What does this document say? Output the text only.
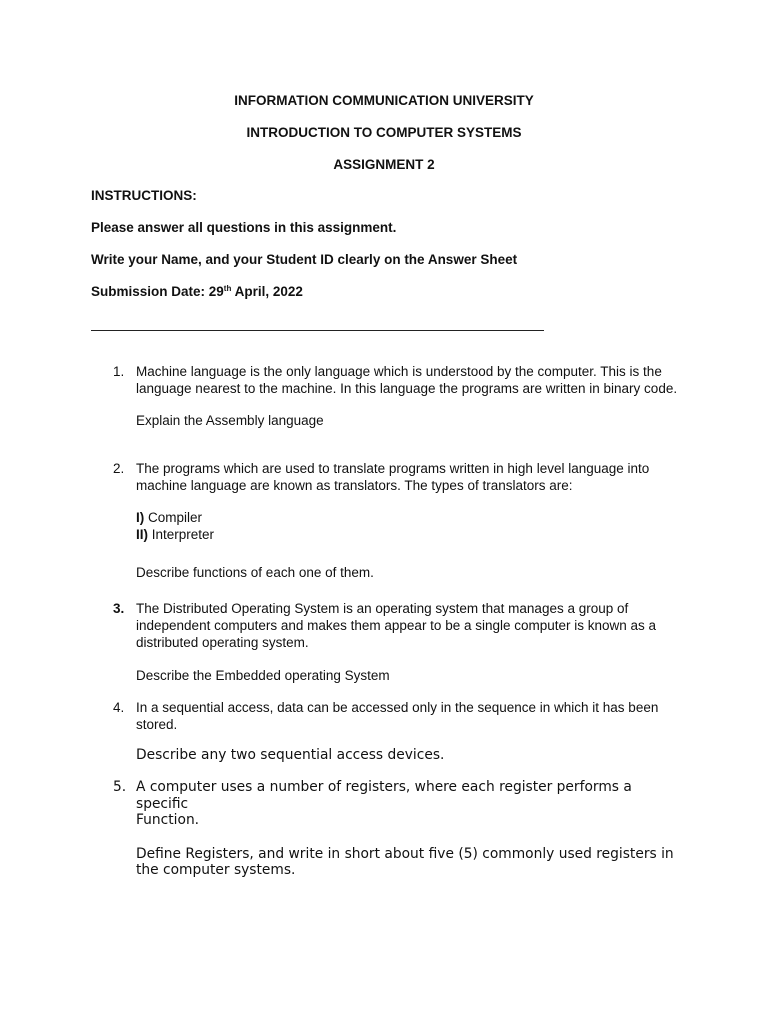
INFORMATION COMMUNICATION UNIVERSITY
INTRODUCTION TO COMPUTER SYSTEMS
ASSIGNMENT 2
INSTRUCTIONS:
Please answer all questions in this assignment.
Write your Name, and your Student ID clearly on the Answer Sheet
Submission Date: 29th April, 2022
1. Machine language is the only language which is understood by the computer. This is the language nearest to the machine. In this language the programs are written in binary code.

Explain the Assembly language

2. The programs which are used to translate programs written in high level language into machine language are known as translators. The types of translators are:

I) Compiler

II) Interpreter

Describe functions of each one of them.

3. The Distributed Operating System is an operating system that manages a group of independent computers and makes them appear to be a single computer is known as a distributed operating system.

Describe the Embedded operating System

4. In a sequential access, data can be accessed only in the sequence in which it has been stored.

Describe any two sequential access devices.

5. A computer uses a number of registers, where each register performs a

specific

Function.

Define Registers, and write in short about five (5) commonly used registers in the computer systems.
